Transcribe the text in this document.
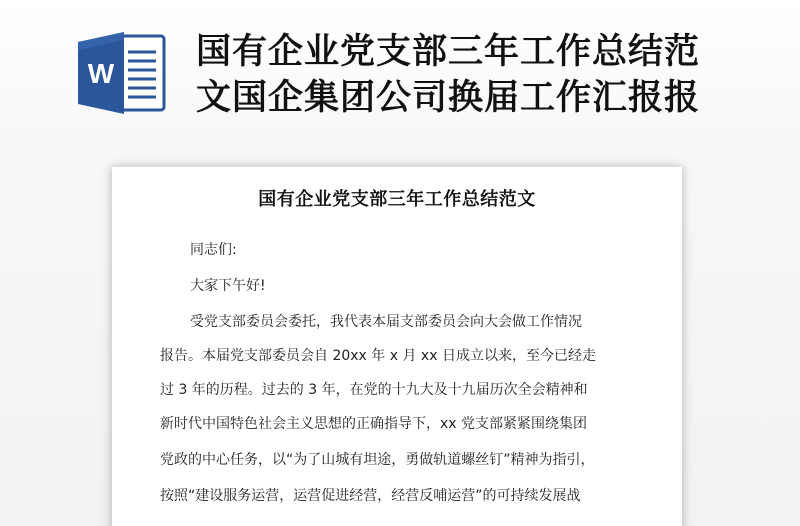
W
国有企业党支部三年工作总结范
文国企集团公司换届工作汇报报
国有企业党支部三年工作总结范文
同志们:
大家下午好!
受党支部委员会委托，我代表本届支部委员会向大会做工作情况
报告。本届党支部委员会自 20xx 年 x 月 xx 日成立以来，至今已经走
过 3 年的历程。过去的 3 年，在党的十九大及十九届历次全会精神和
新时代中国特色社会主义思想的正确指导下，xx 党支部紧紧围绕集团
党政的中心任务，以“为了山城有坦途，勇做轨道螺丝钉”精神为指引，
按照“建设服务运营，运营促进经营，经营反哺运营”的可持续发展战
